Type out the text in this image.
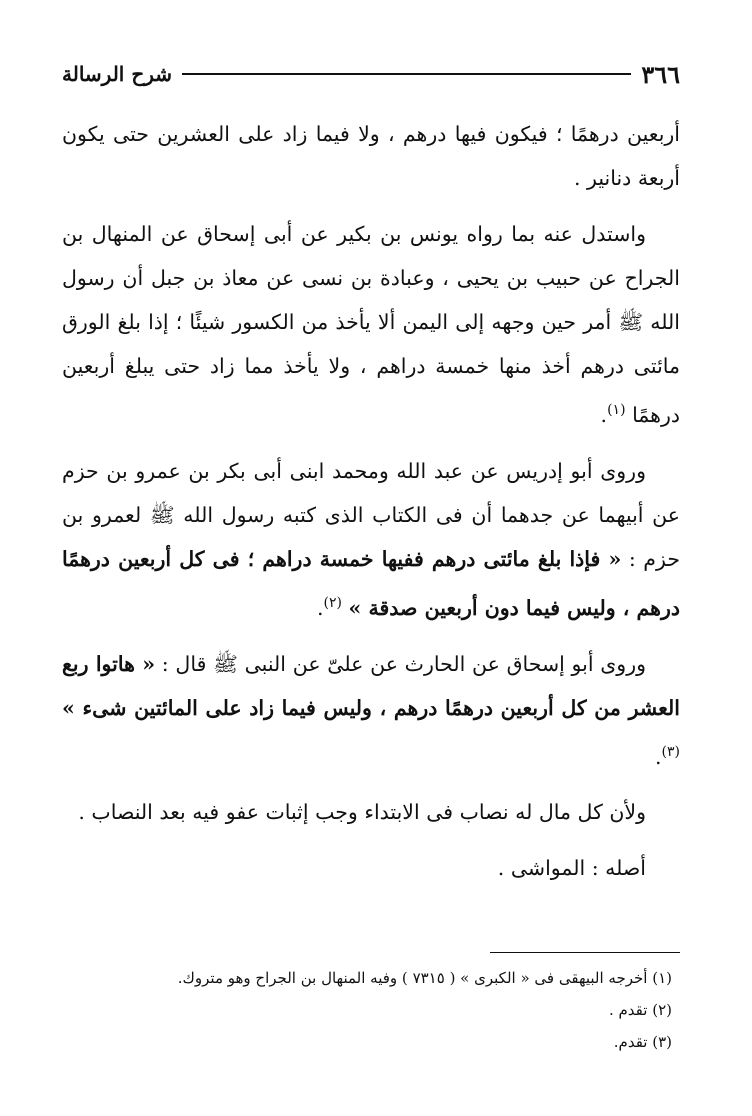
٣٦٦
شرح الرسالة

أربعين درهمًا ؛ فيكون فيها درهم ، ولا فيما زاد على العشرين حتى يكون أربعة دنانير .

واستدل عنه بما رواه يونس بن بكير عن أبى إسحاق عن المنهال بن الجراح عن حبيب بن يحيى ، وعبادة بن نسى عن معاذ بن جبل أن رسول الله ﷺ أمر حين وجهه إلى اليمن ألا يأخذ من الكسور شيئًا ؛ إذا بلغ الورق مائتى درهم أخذ منها خمسة دراهم ، ولا يأخذ مما زاد حتى يبلغ أربعين درهمًا $^{(١)}$.

وروى أبو إدريس عن عبد الله ومحمد ابنى أبى بكر بن عمرو بن حزم عن أبيهما عن جدهما أن فى الكتاب الذى كتبه رسول الله ﷺ لعمرو بن حزم : « فإذا بلغ مائتى درهم ففيها خمسة دراهم ؛ فى كل أربعين درهمًا درهم ، وليس فيما دون أربعين صدقة » $^{(٢)}$.

وروى أبو إسحاق عن الحارث عن علىّ عن النبى ﷺ قال : « هاتوا ربع العشر من كل أربعين درهمًا درهم ، وليس فيما زاد على المائتين شىء » $^{(٣)}$.

ولأن كل مال له نصاب فى الابتداء وجب إثبات عفو فيه بعد النصاب .

أصله : المواشى .

(١) أخرجه البيهقى فى « الكبرى » ( ٧٣١٥ ) وفيه المنهال بن الجراح وهو متروك.

(٢) تقدم .

(٣) تقدم.
